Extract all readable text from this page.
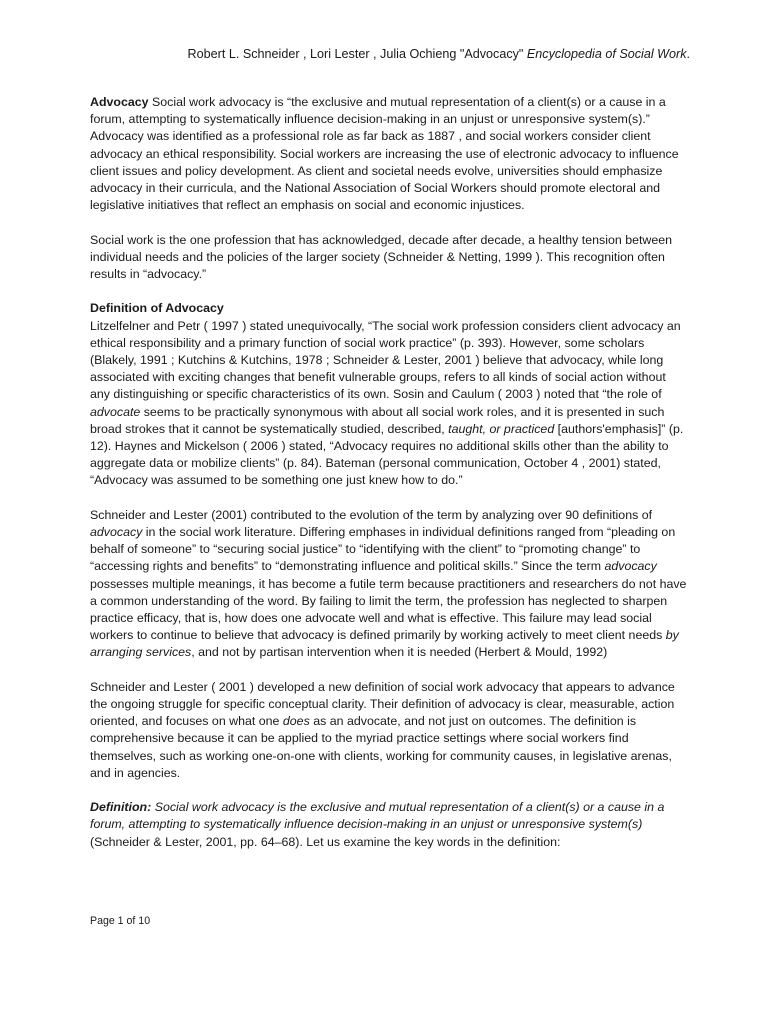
Robert L. Schneider , Lori Lester , Julia Ochieng "Advocacy" Encyclopedia of Social Work.

Advocacy Social work advocacy is “the exclusive and mutual representation of a client(s) or a cause in a forum, attempting to systematically influence decision-making in an unjust or unresponsive system(s).” Advocacy was identified as a professional role as far back as 1887 , and social workers consider client advocacy an ethical responsibility. Social workers are increasing the use of electronic advocacy to influence client issues and policy development. As client and societal needs evolve, universities should emphasize advocacy in their curricula, and the National Association of Social Workers should promote electoral and legislative initiatives that reflect an emphasis on social and economic injustices.

Social work is the one profession that has acknowledged, decade after decade, a healthy tension between individual needs and the policies of the larger society (Schneider & Netting, 1999 ). This recognition often results in “advocacy.”

Definition of Advocacy

Litzelfelner and Petr ( 1997 ) stated unequivocally, “The social work profession considers client advocacy an ethical responsibility and a primary function of social work practice” (p. 393). However, some scholars (Blakely, 1991 ; Kutchins & Kutchins, 1978 ; Schneider & Lester, 2001 ) believe that advocacy, while long associated with exciting changes that benefit vulnerable groups, refers to all kinds of social action without any distinguishing or specific characteristics of its own. Sosin and Caulum ( 2003 ) noted that “the role of advocate seems to be practically synonymous with about all social work roles, and it is presented in such broad strokes that it cannot be systematically studied, described, taught, or practiced [authors'emphasis]” (p. 12). Haynes and Mickelson ( 2006 ) stated, “Advocacy requires no additional skills other than the ability to aggregate data or mobilize clients” (p. 84). Bateman (personal communication, October 4 , 2001) stated, “Advocacy was assumed to be something one just knew how to do.”

Schneider and Lester (2001) contributed to the evolution of the term by analyzing over 90 definitions of advocacy in the social work literature. Differing emphases in individual definitions ranged from “pleading on behalf of someone” to “securing social justice” to “identifying with the client” to “promoting change” to “accessing rights and benefits” to “demonstrating influence and political skills.” Since the term advocacy possesses multiple meanings, it has become a futile term because practitioners and researchers do not have a common understanding of the word. By failing to limit the term, the profession has neglected to sharpen practice efficacy, that is, how does one advocate well and what is effective. This failure may lead social workers to continue to believe that advocacy is defined primarily by working actively to meet client needs by arranging services, and not by partisan intervention when it is needed (Herbert & Mould, 1992)

Schneider and Lester ( 2001 ) developed a new definition of social work advocacy that appears to advance the ongoing struggle for specific conceptual clarity. Their definition of advocacy is clear, measurable, action oriented, and focuses on what one does as an advocate, and not just on outcomes. The definition is comprehensive because it can be applied to the myriad practice settings where social workers find themselves, such as working one-on-one with clients, working for community causes, in legislative arenas, and in agencies.

Definition: Social work advocacy is the exclusive and mutual representation of a client(s) or a cause in a forum, attempting to systematically influence decision-making in an unjust or unresponsive system(s) (Schneider & Lester, 2001, pp. 64–68). Let us examine the key words in the definition:

Page 1 of 10
